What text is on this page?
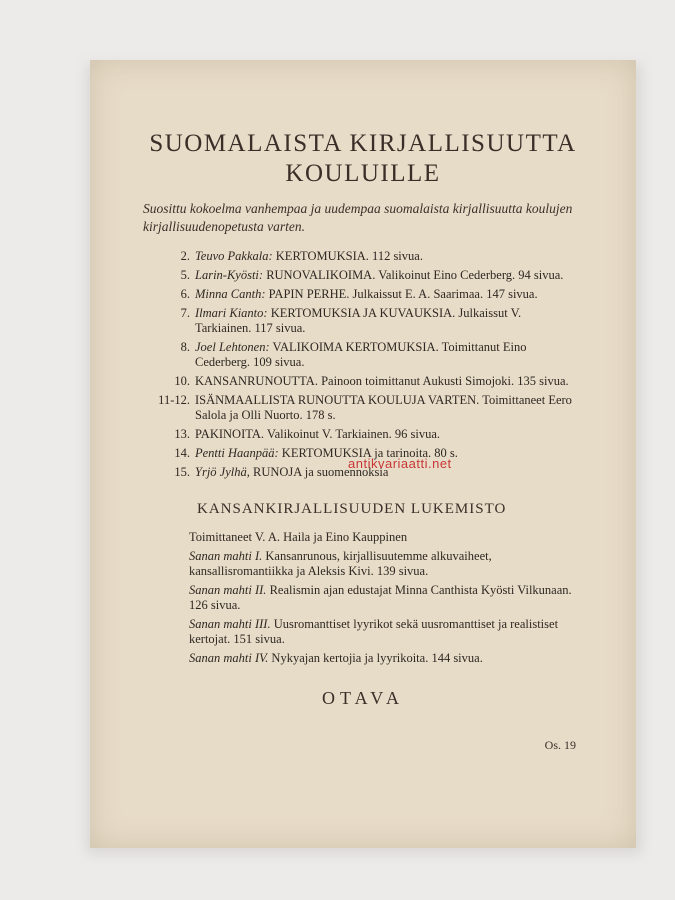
SUOMALAISTA KIRJALLISUUTTA
KOULUILLE
Suosittu kokoelma vanhempaa ja uudempaa suomalaista kirjallisuutta koulujen kirjallisuudenopetusta varten.
2. Teuvo Pakkala: KERTOMUKSIA. 112 sivua.
5. Larin-Kyösti: RUNOVALIKOIMA. Valikoinut Eino Cederberg. 94 sivua.
6. Minna Canth: PAPIN PERHE. Julkaissut E. A. Saarimaa. 147 sivua.
7. Ilmari Kianto: KERTOMUKSIA JA KUVAUKSIA. Julkaissut V. Tarkiainen. 117 sivua.
8. Joel Lehtonen: VALIKOIMA KERTOMUKSIA. Toimittanut Eino Cederberg. 109 sivua.
10. KANSANRUNOUTTA. Painoon toimittanut Aukusti Simojoki. 135 sivua.
11-12. ISÄNMAALLISTA RUNOUTTA KOULUJA VARTEN. Toimittaneet Eero Salola ja Olli Nuorto. 178 s.
13. PAKINOITA. Valikoinut V. Tarkiainen. 96 sivua.
14. Pentti Haanpää: KERTOMUKSIA ja tarinoita. 80 s.
15. Yrjö Jylhä, RUNOJA ja suomennoksia
antikvariaatti.net
KANSANKIRJALLISUUDEN LUKEMISTO
Toimittaneet V. A. Haila ja Eino Kauppinen
Sanan mahti I. Kansanrunous, kirjallisuutemme alkuvaiheet, kansallisromantiikka ja Aleksis Kivi. 139 sivua.
Sanan mahti II. Realismin ajan edustajat Minna Canthista Kyösti Vilkunaan. 126 sivua.
Sanan mahti III. Uusromanttiset lyyrikot sekä uusromanttiset ja realistiset kertojat. 151 sivua.
Sanan mahti IV. Nykyajan kertojia ja lyyrikoita. 144 sivua.
OTAVA
Os. 19
